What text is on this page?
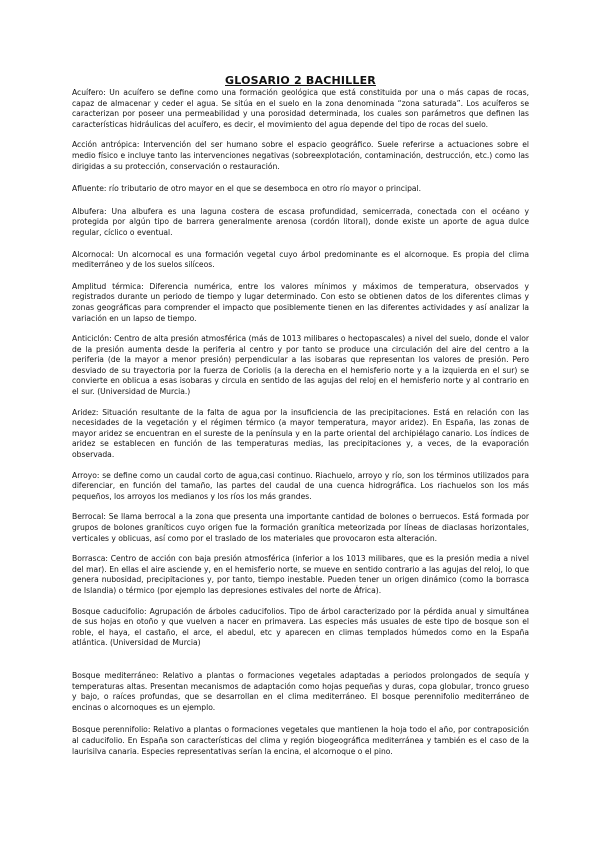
GLOSARIO 2 BACHILLER

Acuífero: Un acuífero se define como una formación geológica que está constituida por una o más capas de rocas, capaz de almacenar y ceder el agua. Se sitúa en el suelo en la zona denominada “zona saturada”. Los acuíferos se caracterizan por poseer una permeabilidad y una porosidad determinada, los cuales son parámetros que definen las características hidráulicas del acuífero, es decir, el movimiento del agua depende del tipo de rocas del suelo.

Acción antrópica: Intervención del ser humano sobre el espacio geográfico. Suele referirse a actuaciones sobre el medio físico e incluye tanto las intervenciones negativas (sobreexplotación, contaminación, destrucción, etc.) como las dirigidas a su protección, conservación o restauración.

Afluente: río tributario de otro mayor en el que se desemboca en otro río mayor o principal.

Albufera: Una albufera es una laguna costera de escasa profundidad, semicerrada, conectada con el océano y protegida por algún tipo de barrera generalmente arenosa (cordón litoral), donde existe un aporte de agua dulce regular, cíclico o eventual.

Alcornocal: Un alcornocal es una formación vegetal cuyo árbol predominante es el alcornoque. Es propia del clima mediterráneo y de los suelos silíceos.

Amplitud térmica: Diferencia numérica, entre los valores mínimos y máximos de temperatura, observados y registrados durante un periodo de tiempo y lugar determinado. Con esto se obtienen datos de los diferentes climas y zonas geográficas para comprender el impacto que posiblemente tienen en las diferentes actividades y así analizar la variación en un lapso de tiempo.

Anticiclón: Centro de alta presión atmosférica (más de 1013 milibares o hectopascales) a nivel del suelo, donde el valor de la presión aumenta desde la periferia al centro y por tanto se produce una circulación del aire del centro a la periferia (de la mayor a menor presión) perpendicular a las isobaras que representan los valores de presión. Pero desviado de su trayectoria por la fuerza de Coriolis (a la derecha en el hemisferio norte y a la izquierda en el sur) se convierte en oblicua a esas isobaras y circula en sentido de las agujas del reloj en el hemisferio norte y al contrario en el sur. (Universidad de Murcia.)

Aridez: Situación resultante de la falta de agua por la insuficiencia de las precipitaciones. Está en relación con las necesidades de la vegetación y el régimen térmico (a mayor temperatura, mayor aridez). En España, las zonas de mayor aridez se encuentran en el sureste de la península y en la parte oriental del archipiélago canario. Los índices de aridez se establecen en función de las temperaturas medias, las precipitaciones y, a veces, de la evaporación observada.

Arroyo: se define como un caudal corto de agua,casi continuo. Riachuelo, arroyo y río, son los términos utilizados para diferenciar, en función del tamaño, las partes del caudal de una cuenca hidrográfica. Los riachuelos son los más pequeños, los arroyos los medianos y los ríos los más grandes.

Berrocal: Se llama berrocal a la zona que presenta una importante cantidad de bolones o berruecos. Está formada por grupos de bolones graníticos cuyo origen fue la formación granítica meteorizada por líneas de diaclasas horizontales, verticales y oblicuas, así como por el traslado de los materiales que provocaron esta alteración.

Borrasca: Centro de acción con baja presión atmosférica (inferior a los 1013 milibares, que es la presión media a nivel del mar). En ellas el aire asciende y, en el hemisferio norte, se mueve en sentido contrario a las agujas del reloj, lo que genera nubosidad, precipitaciones y, por tanto, tiempo inestable. Pueden tener un origen dinámico (como la borrasca de Islandia) o térmico (por ejemplo las depresiones estivales del norte de África).

Bosque caducifolio: Agrupación de árboles caducifolios. Tipo de árbol caracterizado por la pérdida anual y simultánea de sus hojas en otoño y que vuelven a nacer en primavera. Las especies más usuales de este tipo de bosque son el roble, el haya, el castaño, el arce, el abedul, etc y aparecen en climas templados húmedos como en la España atlántica. (Universidad de Murcia)

Bosque mediterráneo: Relativo a plantas o formaciones vegetales adaptadas a periodos prolongados de sequía y temperaturas altas. Presentan mecanismos de adaptación como hojas pequeñas y duras, copa globular, tronco grueso y bajo, o raíces profundas, que se desarrollan en el clima mediterráneo. El bosque perennifolio mediterráneo de encinas o alcornoques es un ejemplo.

Bosque perennifolio: Relativo a plantas o formaciones vegetales que mantienen la hoja todo el año, por contraposición al caducifolio. En España son características del clima y región biogeográfica mediterránea y también es el caso de la laurisilva canaria. Especies representativas serían la encina, el alcornoque o el pino.
